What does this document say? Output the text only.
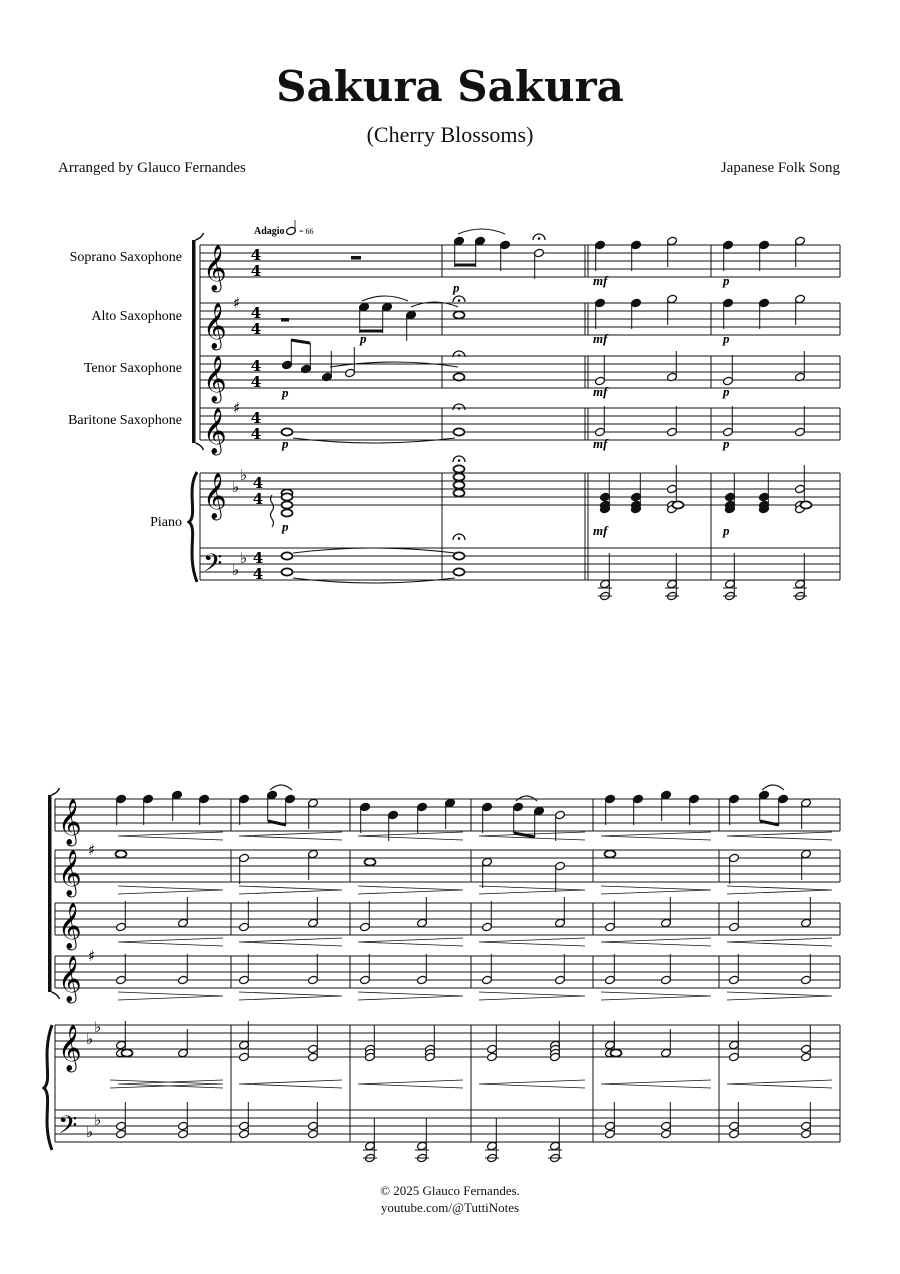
Sakura Sakura
(Cherry Blossoms)
Arranged by Glauco Fernandes	Japanese Folk Song
𝄞
𝄞
𝄞
𝄞
𝄞
𝄢
♯
♯
♭
♭
♭
♭
4
4
4
4
4
4
4
4
4
4
4
4
p	mf	p
p	mf	p
p	mf	p
p	mf	p
p	mf	p
𝄞
𝄞
𝄞
𝄞
𝄞
𝄢
♯
♯
♭
♭
♭
♭
Adagio = 66
Soprano Saxophone
Alto Saxophone
Tenor Saxophone
Baritone Saxophone
Piano
© 2025 Glauco Fernandes.
youtube.com/@TuttiNotes
